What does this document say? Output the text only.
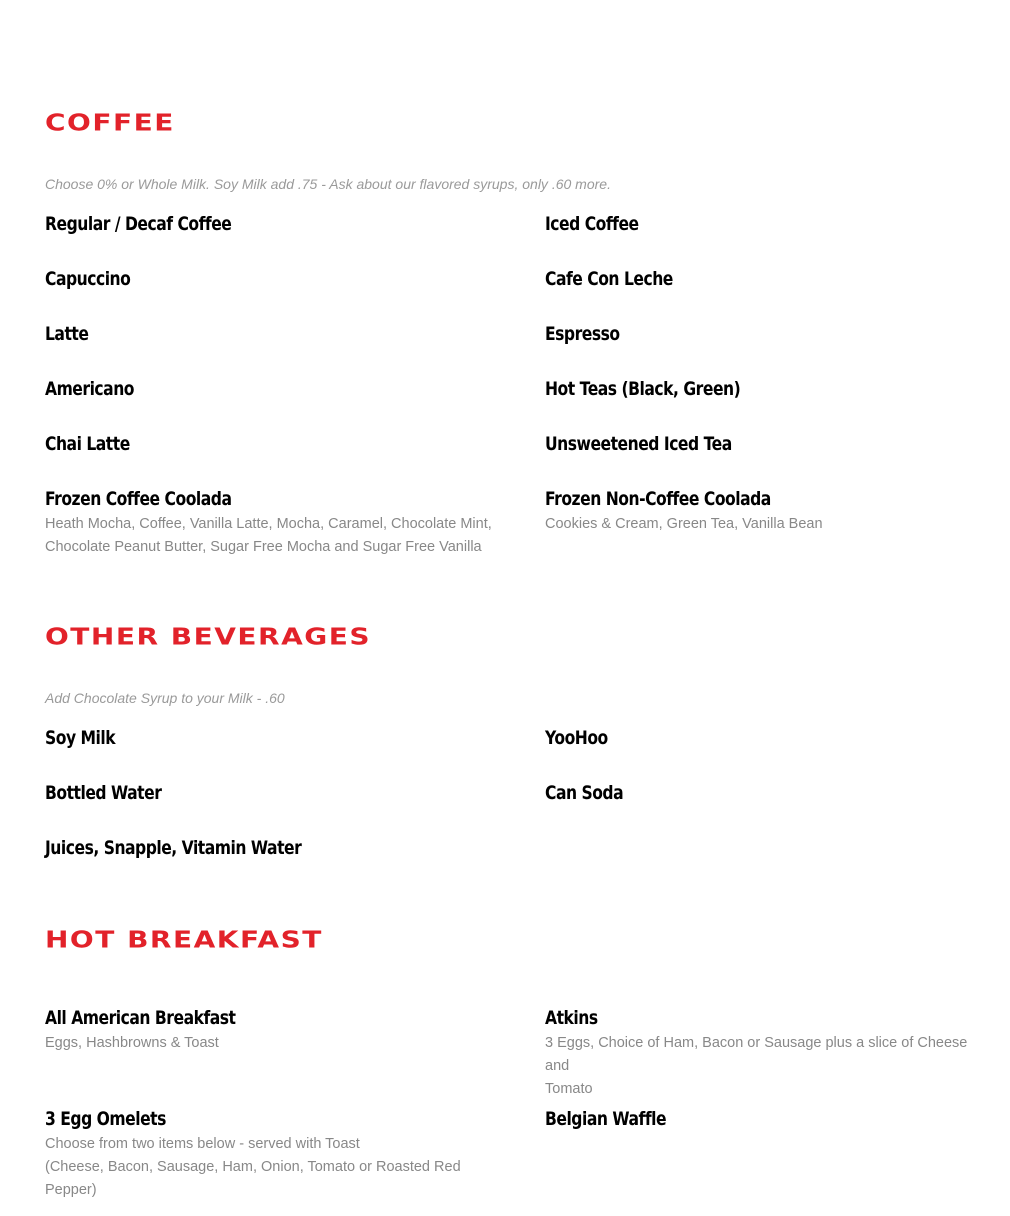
COFFEE
Choose 0% or Whole Milk. Soy Milk add .75 - Ask about our flavored syrups, only .60 more.
Regular / Decaf Coffee	Iced Coffee
Capuccino	Cafe Con Leche
Latte	Espresso
Americano	Hot Teas (Black, Green)
Chai Latte	Unsweetened Iced Tea
Frozen Coffee Coolada
Heath Mocha, Coffee, Vanilla Latte, Mocha, Caramel, Chocolate Mint,
Chocolate Peanut Butter, Sugar Free Mocha and Sugar Free Vanilla
Frozen Non-Coffee Coolada
Cookies & Cream, Green Tea, Vanilla Bean
OTHER BEVERAGES
Add Chocolate Syrup to your Milk - .60
Soy Milk	YooHoo
Bottled Water	Can Soda
Juices, Snapple, Vitamin Water
HOT BREAKFAST
All American Breakfast
Eggs, Hashbrowns & Toast
Atkins
3 Eggs, Choice of Ham, Bacon or Sausage plus a slice of Cheese and
Tomato
3 Egg Omelets
Choose from two items below - served with Toast
(Cheese, Bacon, Sausage, Ham, Onion, Tomato or Roasted Red
Pepper)
Belgian Waffle
